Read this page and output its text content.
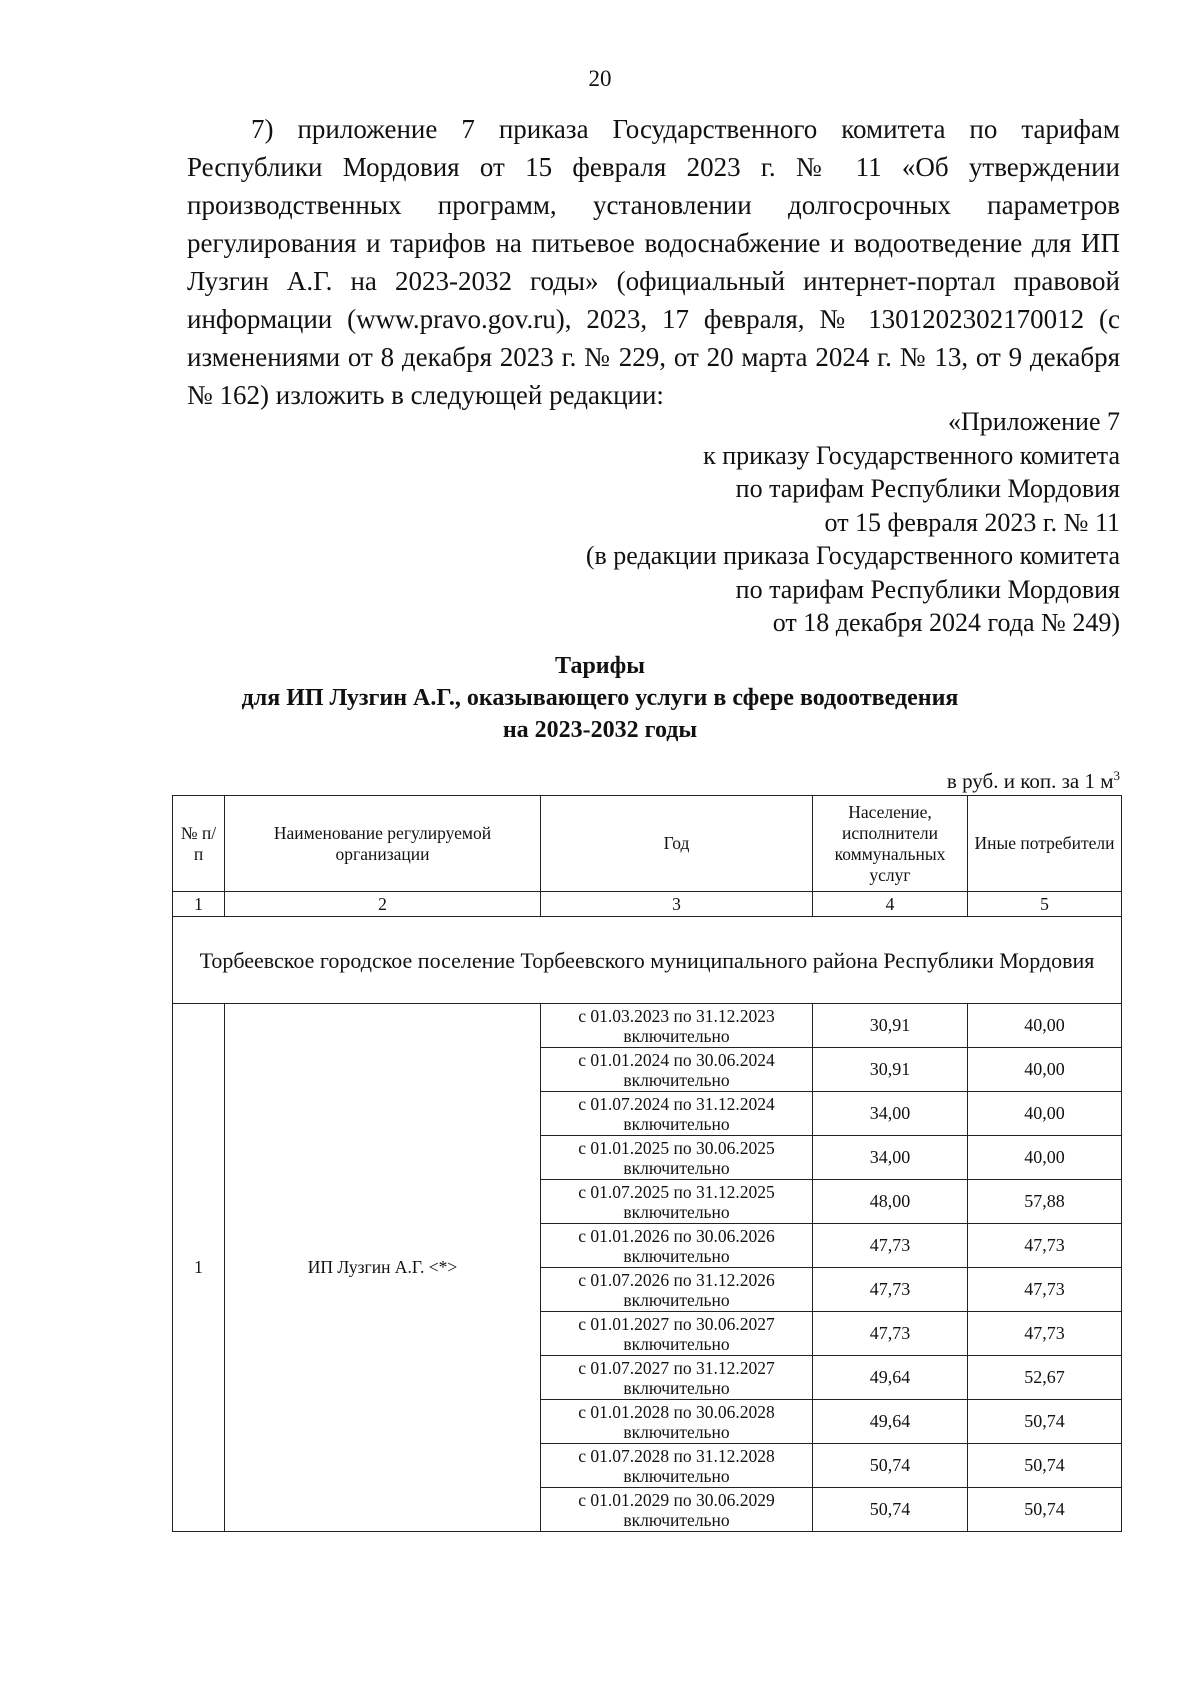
20

7) приложение 7 приказа Государственного комитета по тарифам Республики Мордовия от 15 февраля 2023 г. № 11 «Об утверждении производственных программ, установлении долгосрочных параметров регулирования и тарифов на питьевое водоснабжение и водоотведение для ИП Лузгин А.Г. на 2023-2032 годы» (официальный интернет-портал правовой информации (www.pravo.gov.ru), 2023, 17 февраля, № 1301202302170012 (с изменениями от 8 декабря 2023 г. № 229, от 20 марта 2024 г. № 13, от 9 декабря № 162) изложить в следующей редакции:

«Приложение 7
к приказу Государственного комитета
по тарифам Республики Мордовия
от 15 февраля 2023 г. № 11
(в редакции приказа Государственного комитета
по тарифам Республики Мордовия
от 18 декабря 2024 года № 249)
Тарифы
для ИП Лузгин А.Г., оказывающего услуги в сфере водоотведения
на 2023-2032 годы
в руб. и коп. за 1 $м^3$
№ п/п	Наименование регулируемой организации	Год	Население, исполнители коммунальных услуг	Иные потребители
1	2	3	4	5
Торбеевское городское поселение Торбеевского муниципального района Республики Мордовия				
1	ИП Лузгин А.Г. <*>	с 01.03.2023 по 31.12.2023 включительно	30,91	40,00
		с 01.01.2024 по 30.06.2024 включительно	30,91	40,00
		с 01.07.2024 по 31.12.2024 включительно	34,00	40,00
		с 01.01.2025 по 30.06.2025 включительно	34,00	40,00
		с 01.07.2025 по 31.12.2025 включительно	48,00	57,88
		с 01.01.2026 по 30.06.2026 включительно	47,73	47,73
		с 01.07.2026 по 31.12.2026 включительно	47,73	47,73
		с 01.01.2027 по 30.06.2027 включительно	47,73	47,73
		с 01.07.2027 по 31.12.2027 включительно	49,64	52,67
		с 01.01.2028 по 30.06.2028 включительно	49,64	50,74
		с 01.07.2028 по 31.12.2028 включительно	50,74	50,74
		с 01.01.2029 по 30.06.2029 включительно	50,74	50,74
